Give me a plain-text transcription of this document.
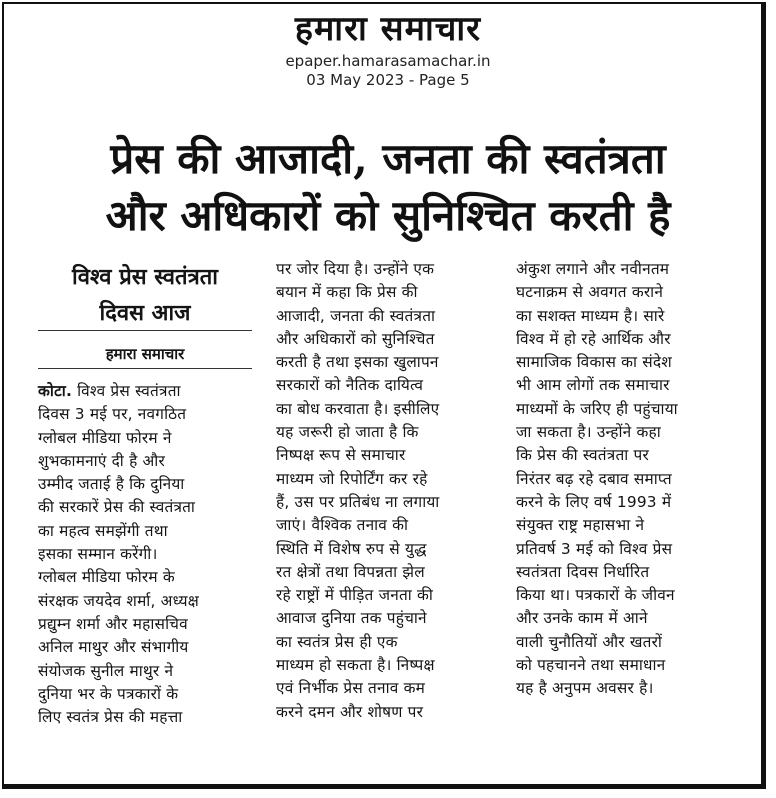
हमारा समाचार
epaper.hamarasamachar.in
03 May 2023 - Page 5
प्रेस की आजादी, जनता की स्वतंत्रता
और अधिकारों को सुनिश्चित करती है
विश्व प्रेस स्वतंत्रता
दिवस आज
हमारा समाचार
कोटा. विश्व प्रेस स्वतंत्रता
दिवस 3 मई पर, नवगठित
ग्लोबल मीडिया फोरम ने
शुभकामनाएं दी है और
उम्मीद जताई है कि दुनिया
की सरकारें प्रेस की स्वतंत्रता
का महत्व समझेंगी तथा
इसका सम्मान करेंगी।
ग्लोबल मीडिया फोरम के
संरक्षक जयदेव शर्मा, अध्यक्ष
प्रद्युम्न शर्मा और महासचिव
अनिल माथुर और संभागीय
संयोजक सुनील माथुर ने
दुनिया भर के पत्रकारों के
लिए स्वतंत्र प्रेस की महत्ता
पर जोर दिया है। उन्होंने एक
बयान में कहा कि प्रेस की
आजादी, जनता की स्वतंत्रता
और अधिकारों को सुनिश्चित
करती है तथा इसका खुलापन
सरकारों को नैतिक दायित्व
का बोध करवाता है। इसीलिए
यह जरूरी हो जाता है कि
निष्पक्ष रूप से समाचार
माध्यम जो रिपोर्टिंग कर रहे
हैं, उस पर प्रतिबंध ना लगाया
जाएं। वैश्विक तनाव की
स्थिति में विशेष रुप से युद्ध
रत क्षेत्रों तथा विपन्नता झेल
रहे राष्ट्रों में पीड़ित जनता की
आवाज दुनिया तक पहुंचाने
का स्वतंत्र प्रेस ही एक
माध्यम हो सकता है। निष्पक्ष
एवं निर्भीक प्रेस तनाव कम
करने दमन और शोषण पर
अंकुश लगाने और नवीनतम
घटनाक्रम से अवगत कराने
का सशक्त माध्यम है। सारे
विश्व में हो रहे आर्थिक और
सामाजिक विकास का संदेश
भी आम लोगों तक समाचार
माध्यमों के जरिए ही पहुंचाया
जा सकता है। उन्होंने कहा
कि प्रेस की स्वतंत्रता पर
निरंतर बढ़ रहे दबाव समाप्त
करने के लिए वर्ष 1993 में
संयुक्त राष्ट्र महासभा ने
प्रतिवर्ष 3 मई को विश्व प्रेस
स्वतंत्रता दिवस निर्धारित
किया था। पत्रकारों के जीवन
और उनके काम में आने
वाली चुनौतियों और खतरों
को पहचानने तथा समाधान
यह है अनुपम अवसर है।
